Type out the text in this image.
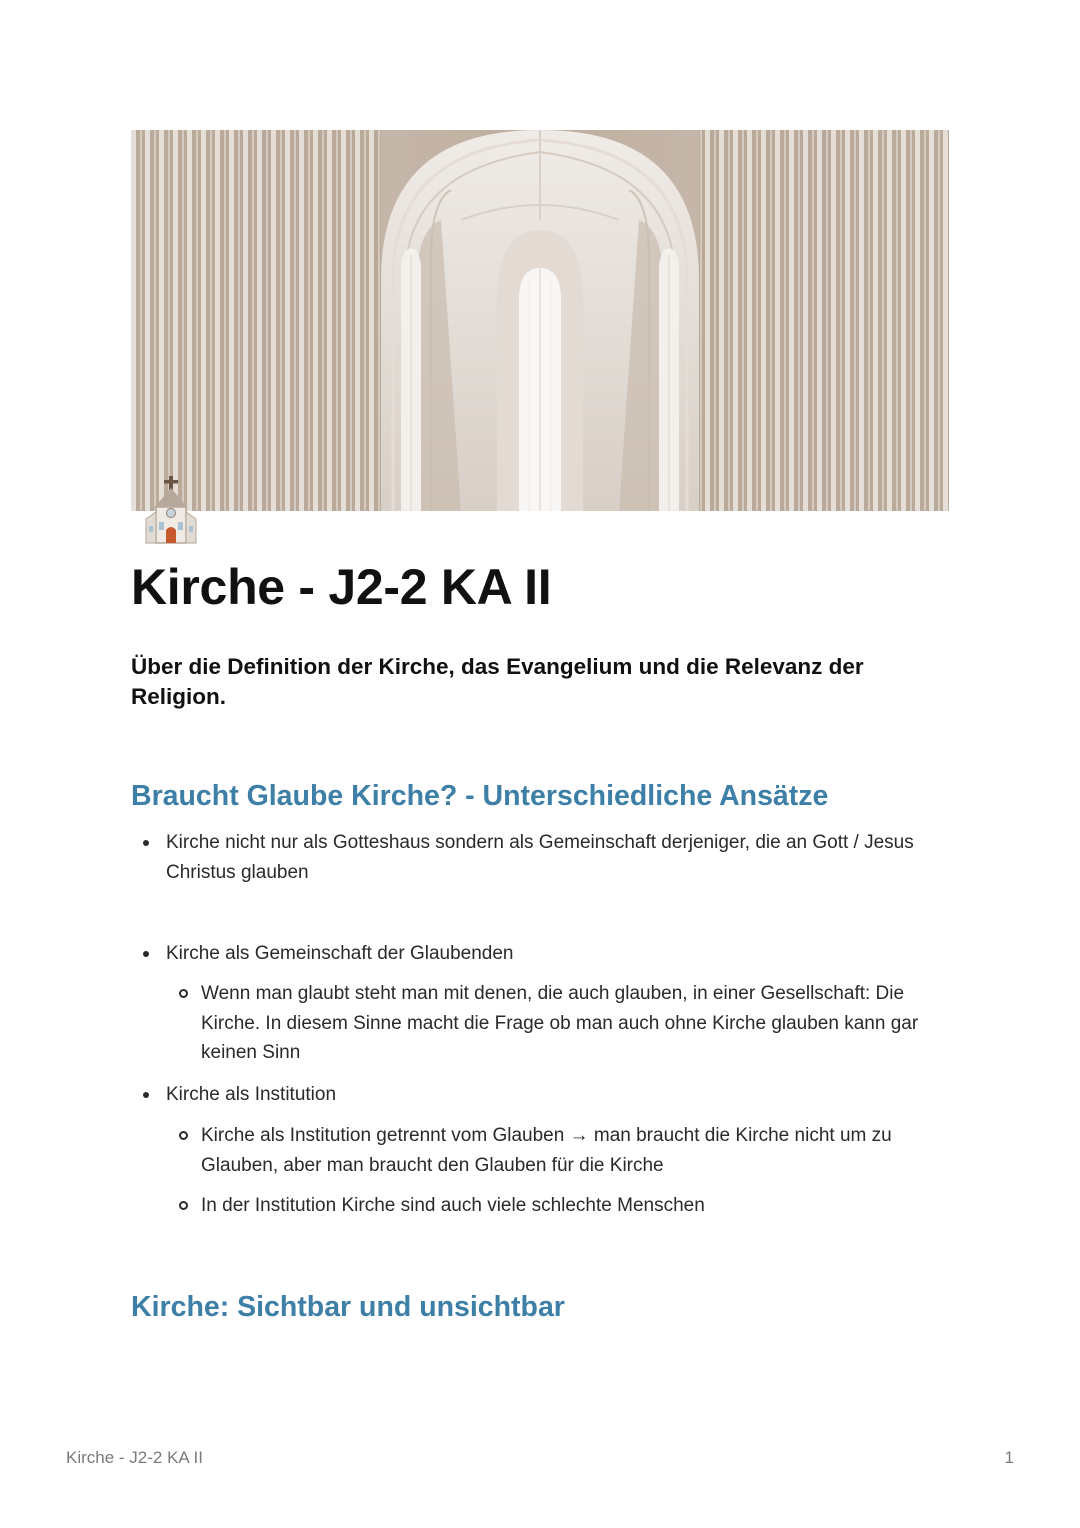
Kirche - J2-2 KA II

Über die Definition der Kirche, das Evangelium und die Relevanz der Religion.

Braucht Glaube Kirche? - Unterschiedliche Ansätze
Kirche nicht nur als Gotteshaus sondern als Gemeinschaft derjeniger, die an Gott / Jesus Christus glauben
Kirche als Gemeinschaft der Glaubenden
Wenn man glaubt steht man mit denen, die auch glauben, in einer Gesellschaft: Die Kirche. In diesem Sinne macht die Frage ob man auch ohne Kirche glauben kann gar keinen Sinn
Kirche als Institution
Kirche als Institution getrennt vom Glauben → man braucht die Kirche nicht um zu Glauben, aber man braucht den Glauben für die Kirche
In der Institution Kirche sind auch viele schlechte Menschen
Kirche: Sichtbar und unsichtbar
Kirche - J2-2 KA II	1
